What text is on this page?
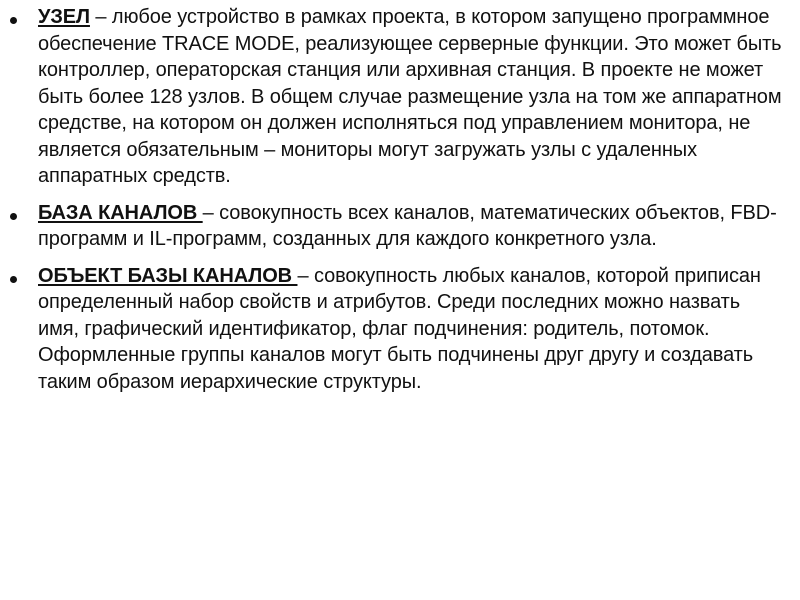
УЗЕЛ – любое устройство в рамках проекта, в котором запущено программное обеспечение TRACE MODE, реализующее серверные функции. Это может быть контроллер, операторская станция или архивная станция. В проекте не может быть более 128 узлов. В общем случае размещение узла на том же аппаратном средстве, на котором он должен исполняться под управлением монитора, не является обязательным – мониторы могут загружать узлы с удаленных аппаратных средств.
БАЗА КАНАЛОВ – совокупность всех каналов, математических объектов, FBD-программ и IL-программ, созданных для каждого конкретного узла.
ОБЪЕКТ БАЗЫ КАНАЛОВ – совокупность любых каналов, которой приписан определенный набор свойств и атрибутов. Среди последних можно назвать имя, графический идентификатор, флаг подчинения: родитель, потомок. Оформленные группы каналов могут быть подчинены друг другу и создавать таким образом иерархические структуры.
